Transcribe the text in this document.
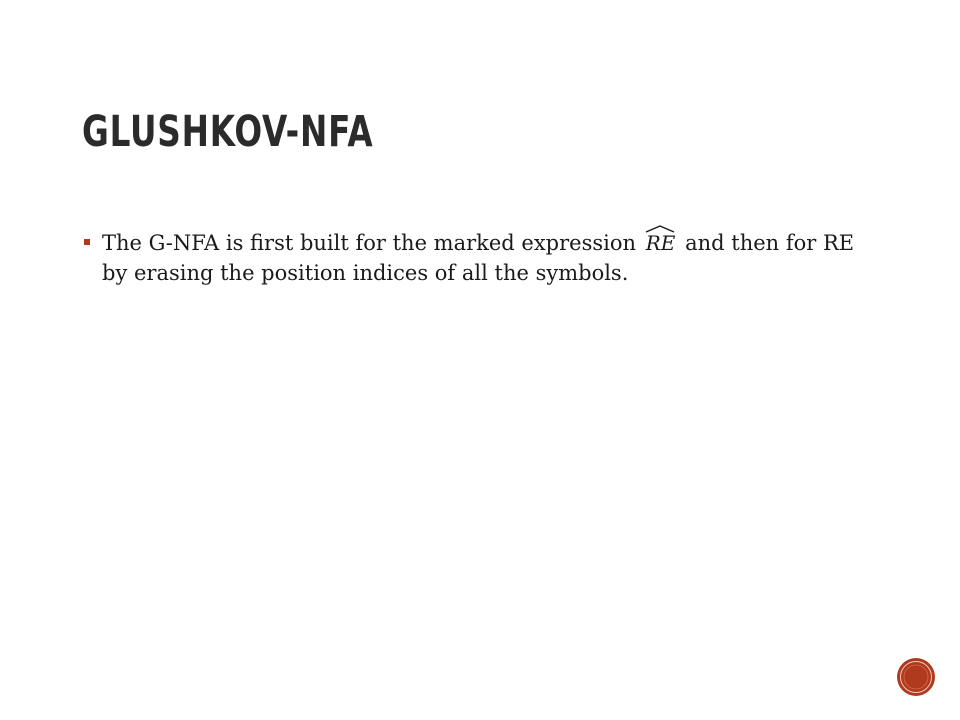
GLUSHKOV-NFA
The G-NFA is first built for the marked expression RE and then for RE by erasing the position indices of all the symbols.
